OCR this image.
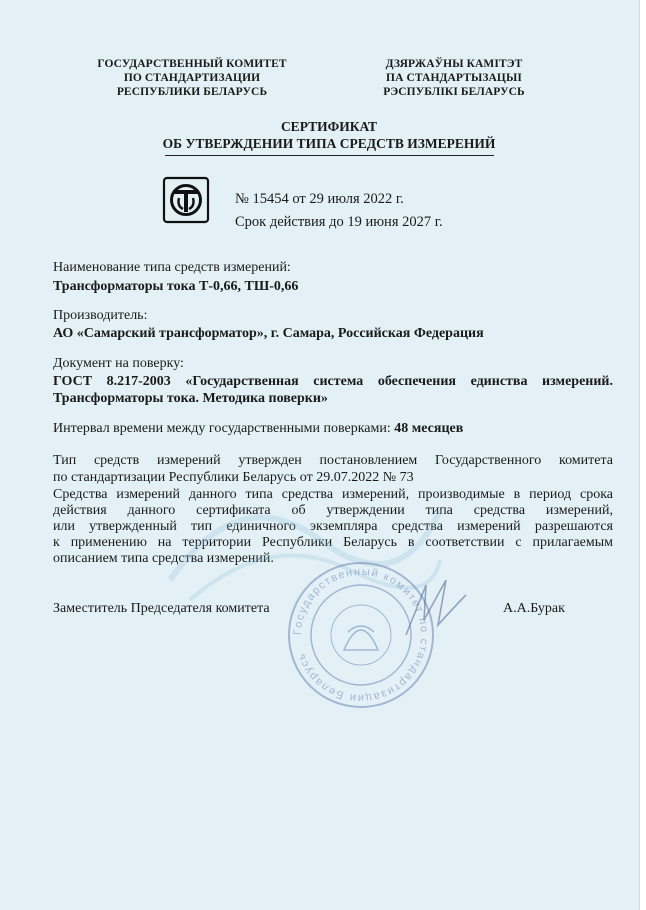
ГОСУДАРСТВЕННЫЙ КОМИТЕТ
ПО СТАНДАРТИЗАЦИИ
РЕСПУБЛИКИ БЕЛАРУСЬ
ДЗЯРЖАЎНЫ КАМІТЭТ
ПА СТАНДАРТЫЗАЦЫІ
РЭСПУБЛІКІ БЕЛАРУСЬ
СЕРТИФИКАТ
ОБ УТВЕРЖДЕНИИ ТИПА СРЕДСТВ ИЗМЕРЕНИЙ
№ 15454 от 29 июля 2022 г.
Срок действия до 19 июня 2027 г.
Наименование типа средств измерений:
Трансформаторы тока Т-0,66, ТШ-0,66
Производитель:
АО «Самарский трансформатор», г. Самара, Российская Федерация
Документ на поверку:
ГОСТ 8.217-2003 «Государственная система обеспечения единства измерений.
Трансформаторы тока. Методика поверки»
Интервал времени между государственными поверками: 48 месяцев
Тип средств измерений утвержден постановлением Государственного комитета
по стандартизации Республики Беларусь от 29.07.2022 № 73
Средства измерений данного типа средства измерений, производимые в период срока
действия данного сертификата об утверждении типа средства измерений,
или утвержденный тип единичного экземпляра средства измерений разрешаются
к применению на территории Республики Беларусь в соответствии с прилагаемым
описанием типа средства измерений.
Государственный комитет по стандартизации Беларусь
Заместитель Председателя комитета	А.А.Бурак
